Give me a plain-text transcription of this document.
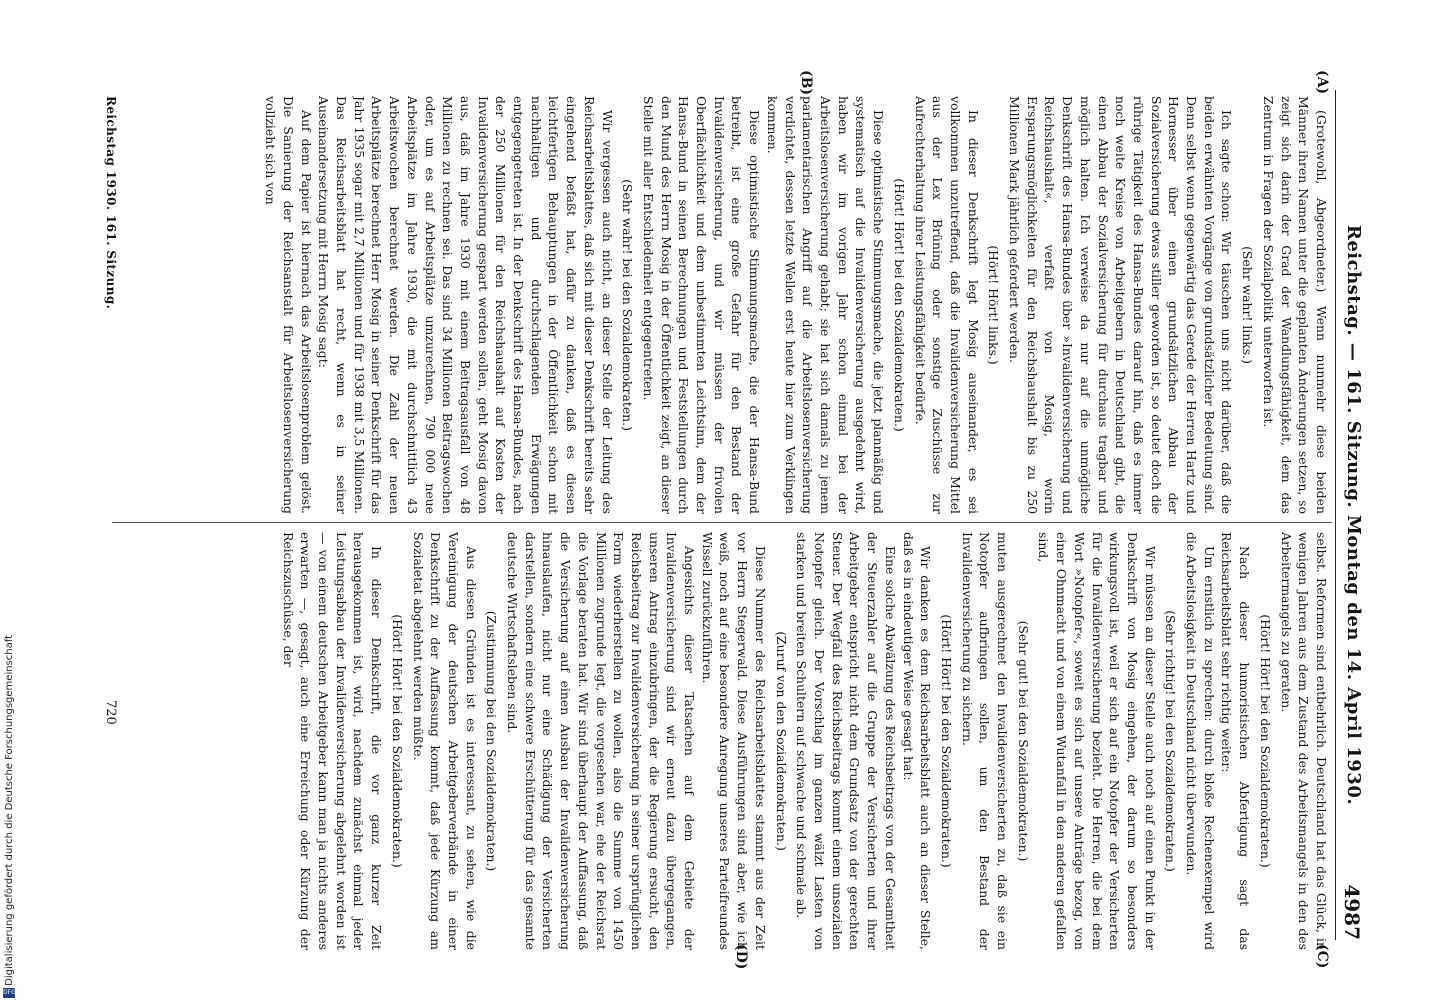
Digitalisierung gefördert durch die Deutsche Forschungsgemeinschaft
DFG
Reichstag. — 161. Sitzung. Montag den 14. April 1930.
4987
(A)
(B)
(C)
(D)

(Grotewohl, Abgeordneter.) Wenn nunmehr diese beiden Männer ihren Namen unter die geplanten Änderungen setzen, so zeigt sich darin der Grad der Wandlungsfähigkeit, dem das Zentrum in Fragen der Sozialpolitik unterworfen ist.

(Sehr wahr! links.)

Ich sagte schon: Wir täuschen uns nicht darüber, daß die beiden erwähnten Vorgänge von grundsätzlicher Bedeutung sind. Denn selbst wenn gegenwärtig das Gerede der Herren Hartz und Hornesser über einen grundsätzlichen Abbau der Sozialversicherung etwas stiller geworden ist, so deutet doch die rührige Tätigkeit des Hansa-Bundes darauf hin, daß es immer noch weite Kreise von Arbeitgebern in Deutschland gibt, die einen Abbau der Sozialversicherung für durchaus tragbar und möglich halten. Ich verweise da nur auf die unmögliche Denkschrift des Hansa-Bundes über »Invalidenversicherung und Reichshaushalt«, verfaßt von Mosig, worin Ersparungsmöglichkeiten für den Reichshaushalt bis zu 250 Millionen Mark jährlich gefordert werden.

(Hört! Hört! links.)

In dieser Denkschrift legt Mosig auseinander, es sei vollkommen unzutreffend, daß die Invalidenversicherung Mittel aus der Lex Brüning oder sonstige Zuschüsse zur Aufrechterhaltung ihrer Leistungsfähigkeit bedürfe.

(Hört! Hört! bei den Sozialdemokraten.)

Diese optimistische Stimmungsmache, die jetzt planmäßig und systematisch auf die Invalidenversicherung ausgedehnt wird, haben wir im vorigen Jahr schon einmal bei der Arbeitslosenversicherung gehabt; sie hat sich damals zu jenem parlamentarischen Angriff auf die Arbeitslosenversicherung verdichtet, dessen letzte Wellen erst heute hier zum Verklingen kommen.

Diese optimistische Stimmungsmache, die der Hansa-Bund betreibt, ist eine große Gefahr für den Bestand der Invalidenversicherung, und wir müssen der frivolen Oberflächlichkeit und dem unbestimmten Leichtsinn, dem der Hansa-Bund in seinen Berechnungen und Feststellungen durch den Mund des Herrn Mosig in der Öffentlichkeit zeigt, an dieser Stelle mit aller Entschiedenheit entgegentreten.

(Sehr wahr! bei den Sozialdemokraten.)

Wir vergessen auch nicht, an dieser Stelle der Leitung des Reichsarbeitsblattes, daß sich mit dieser Denkschrift bereits sehr eingehend befaßt hat, dafür zu danken, daß es diesen leichtfertigen Behauptungen in der Öffentlichkeit schon mit nachhaltigen und durchschlagenden Erwägungen entgegengetreten ist. In der Denkschrift des Hansa-Bundes, nach der 250 Millionen für den Reichshaushalt auf Kosten der Invalidenversicherung gespart werden sollen, geht Mosig davon aus, daß im Jahre 1930 mit einem Beitragsausfall von 48 Millionen zu rechnen sei. Das sind 34 Millionen Beitragswochen oder, um es auf Arbeitsplätze umzurechnen, 790 000 neue Arbeitsplätze im Jahre 1930, die mit durchschnittlich 43 Arbeitswochen berechnet werden. Die Zahl der neuen Arbeitsplätze berechnet Herr Mosig in seiner Denkschrift für das Jahr 1935 sogar mit 2,7 Millionen und für 1938 mit 3,5 Millionen. Das Reichsarbeitsblatt hat recht, wenn es in seiner Auseinandersetzung mit Herrn Mosig sagt:

Auf dem Papier ist hiernach das Arbeitslosenproblem gelöst. Die Sanierung der Reichsanstalt für Arbeitslosenversicherung vollzieht sich von

selbst. Reformen sind entbehrlich. Deutschland hat das Glück, in wenigen Jahren aus dem Zustand des Arbeitsmangels in den des Arbeitermangels zu geraten.

(Hört! Hört! bei den Sozialdemokraten.)

Nach dieser humoristischen Abfertigung sagt das Reichsarbeitsblatt sehr richtig weiter:

Um ernstlich zu sprechen: durch bloße Rechenexempel wird die Arbeitslosigkeit in Deutschland nicht überwunden.

(Sehr richtig! bei den Sozialdemokraten.)

Wir müssen an dieser Stelle auch noch auf einen Punkt in der Denkschrift von Mosig eingehen, der darum so besonders wirkungsvoll ist, weil er sich auf ein Notopfer der Versicherten für die Invalidenversicherung bezieht. Die Herren, die bei dem Wort »Notopfer«, soweit es sich auf unsere Anträge bezog, von einer Ohnmacht und von einem Wutanfall in den anderen gefallen sind,

(Sehr gut! bei den Sozialdemokraten.)

muten ausgerechnet den Invalidenversicherten zu, daß sie ein Notopfer aufbringen sollen, um den Bestand der Invalidenversicherung zu sichern.

(Hört! Hört! bei den Sozialdemokraten.)

Wir danken es dem Reichsarbeitsblatt auch an dieser Stelle, daß es in eindeutiger Weise gesagt hat:

Eine solche Abwälzung des Reichsbeitrags von der Gesamtheit der Steuerzahler auf die Gruppe der Versicherten und ihrer Arbeitgeber entspricht nicht dem Grundsatz von der gerechten Steuer. Der Wegfall des Reichsbeitrags kommt einem unsozialen Notopfer gleich. Der Vorschlag im ganzen wälzt Lasten von starken und breiten Schultern auf schwache und schmale ab.

(Zuruf von den Sozialdemokraten.)

Diese Nummer des Reichsarbeitsblattes stammt aus der Zeit vor Herrn Stegerwald. Diese Ausführungen sind aber, wie ich weiß, noch auf eine besondere Anregung unseres Parteifreundes Wissell zurückzuführen.

Angesichts dieser Tatsachen auf dem Gebiete der Invalidenversicherung sind wir erneut dazu übergegangen, unseren Antrag einzubringen, der die Regierung ersucht, den Reichsbeitrag zur Invalidenversicherung in seiner ursprünglichen Form wiederherstellen zu wollen, also die Summe von 1450 Millionen zugrunde legt, die vorgesehen war, ehe der Reichsrat die Vorlage beraten hat. Wir sind überhaupt der Auffassung, daß die Versicherung auf einen Ausbau der Invalidenversicherung hinauslaufen, nicht nur eine Schädigung der Versicherten darstellen, sondern eine schwere Erschütterung für das gesamte deutsche Wirtschaftsleben sind.

(Zustimmung bei den Sozialdemokraten.)

Aus diesen Gründen ist es interessant, zu sehen, wie die Vereinigung der deutschen Arbeitgeberverbände in einer Denkschrift zu der Auffassung kommt, daß jede Kürzung am Sozialetat abgelehnt werden müßte.

(Hört! Hört! bei den Sozialdemokraten.)

In dieser Denkschrift, die vor ganz kurzer Zeit herausgekommen ist, wird, nachdem zunächst einmal jeder Leistungsabbau der Invalidenversicherung abgelehnt worden ist — von einem deutschen Arbeitgeber kann man ja nichts anderes erwarten —, gesagt, auch eine Erreichung oder Kürzung der Reichszuschüsse, der

Reichstag 1930. 161. Sitzung.
720
